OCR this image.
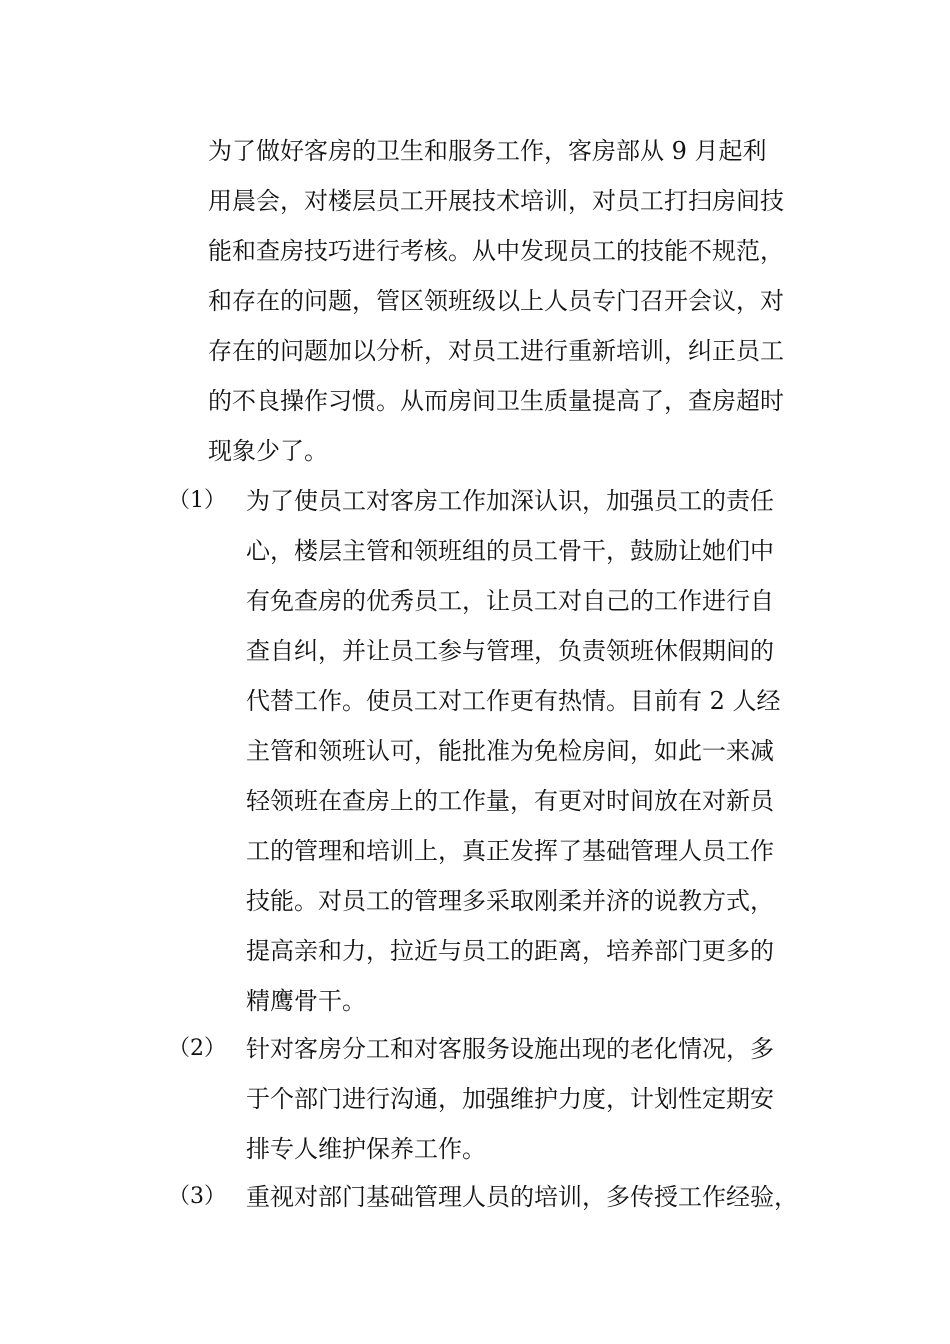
为了做好客房的卫生和服务工作，客房部从 9 月起利
用晨会，对楼层员工开展技术培训，对员工打扫房间技
能和查房技巧进行考核。从中发现员工的技能不规范，
和存在的问题，管区领班级以上人员专门召开会议，对
存在的问题加以分析，对员工进行重新培训，纠正员工
的不良操作习惯。从而房间卫生质量提高了，查房超时
现象少了。
（1） 为了使员工对客房工作加深认识，加强员工的责任
心，楼层主管和领班组的员工骨干，鼓励让她们中
有免查房的优秀员工，让员工对自己的工作进行自
查自纠，并让员工参与管理，负责领班休假期间的
代替工作。使员工对工作更有热情。目前有 2 人经
主管和领班认可，能批准为免检房间，如此一来减
轻领班在查房上的工作量，有更对时间放在对新员
工的管理和培训上，真正发挥了基础管理人员工作
技能。对员工的管理多采取刚柔并济的说教方式，
提高亲和力，拉近与员工的距离，培养部门更多的
精鹰骨干。
（2） 针对客房分工和对客服务设施出现的老化情况，多
于个部门进行沟通，加强维护力度，计划性定期安
排专人维护保养工作。
（3） 重视对部门基础管理人员的培训，多传授工作经验，
